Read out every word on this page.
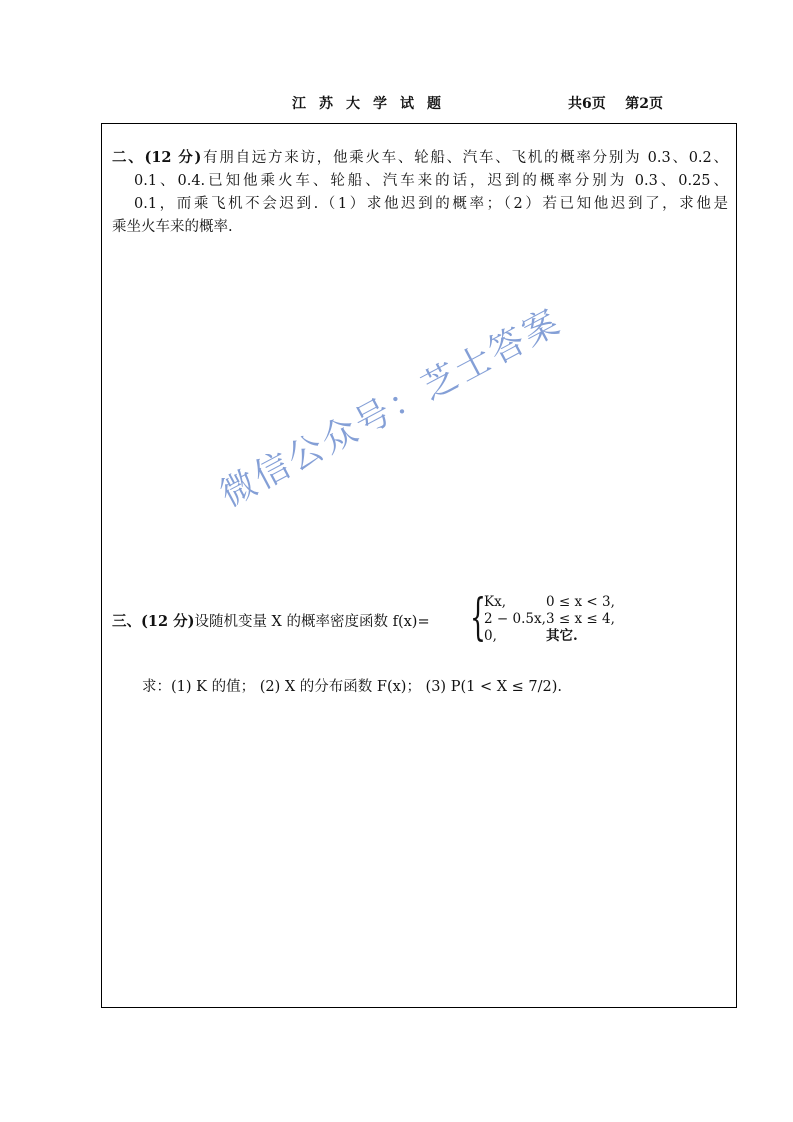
江苏大学试题	共6页 第2页
二、(12 分)有朋自远方来访，他乘火车、轮船、汽车、飞机的概率分别为 0.3、0.2、
0.1、0.4.已知他乘火车、轮船、汽车来的话，迟到的概率分别为 0.3、0.25、
0.1，而乘飞机不会迟到.（1）求他迟到的概率；（2）若已知他迟到了，求他是
乘坐火车来的概率.
三、(12 分)设随机变量 X 的概率密度函数 f(x)= {
Kx,	0 ≤ x < 3,
2 − 0.5x, 3 ≤ x ≤ 4,
0,	其它.
求：(1) K 的值； (2) X 的分布函数 F(x)； (3) P(1 < X ≤ 7/2).
微信公众号：芝士答案
